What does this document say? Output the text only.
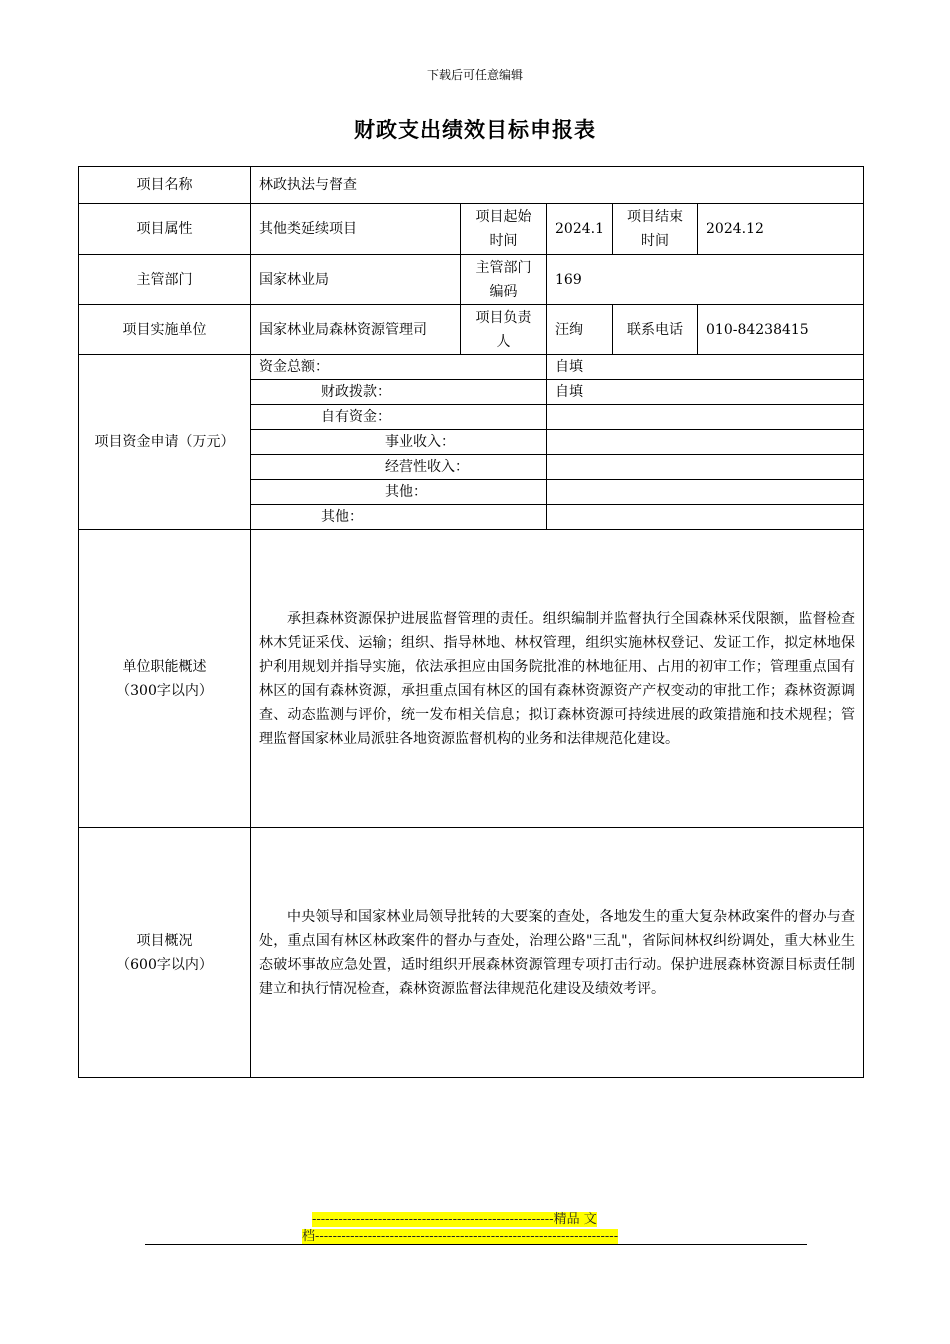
下载后可任意编辑
财政支出绩效目标申报表
项目名称	林政执法与督查				
项目属性	其他类延续项目	项目起始时间	2024.1	项目结束时间	2024.12
主管部门	国家林业局	主管部门编码	169		
项目实施单位	国家林业局森林资源管理司	项目负责人	汪绚	联系电话	010-84238415
项目资金申请（万元）	资金总额：		自填		
	财政拨款：		自填		
	自有资金：				
	事业收入：				
	经营性收入：				
	其他：				
	其他：				

单位职能概述
（300字以内）	承担森林资源保护进展监督管理的责任。组织编制并监督执行全国森林采伐限额，监督检查林木凭证采伐、运输；组织、指导林地、林权管理，组织实施林权登记、发证工作，拟定林地保护利用规划并指导实施，依法承担应由国务院批准的林地征用、占用的初审工作；管理重点国有林区的国有森林资源，承担重点国有林区的国有森林资源资产产权变动的审批工作；森林资源调查、动态监测与评价，统一发布相关信息；拟订森林资源可持续进展的政策措施和技术规程；管理监督国家林业局派驻各地资源监督机构的业务和法律规范化建设。				

项目概况
（600字以内）	中央领导和国家林业局领导批转的大要案的查处，各地发生的重大复杂林政案件的督办与查处，重点国有林区林政案件的督办与查处，治理公路"三乱"，省际间林权纠纷调处，重大林业生态破坏事故应急处置，适时组织开展森林资源管理专项打击行动。保护进展森林资源目标责任制建立和执行情况检查，森林资源监督法律规范化建设及绩效考评。				
-------------------------------------------------------精品 文
档---------------------------------------------------------------------
